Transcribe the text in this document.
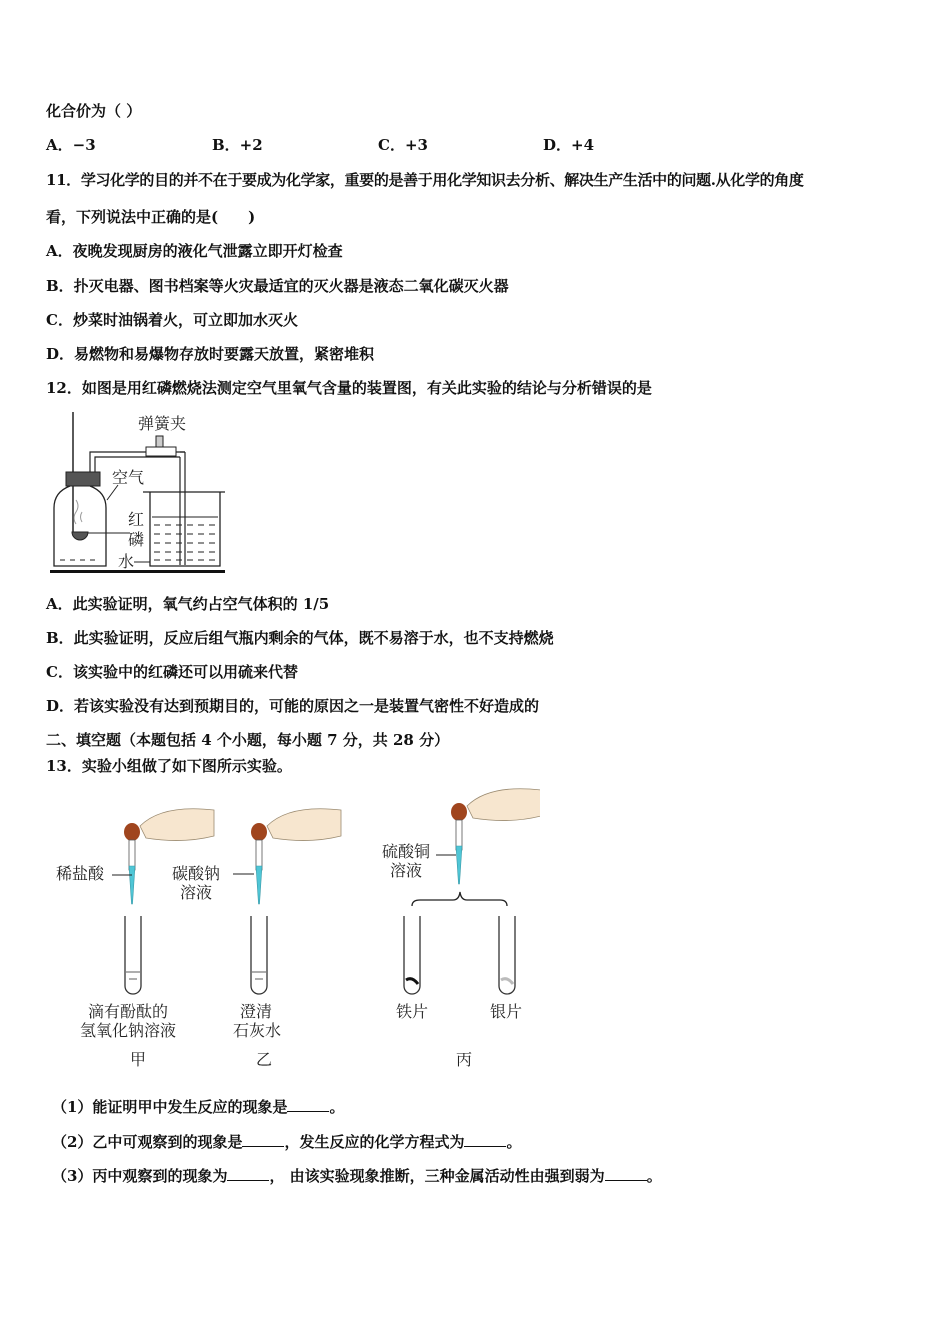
化合价为（ ）
A．−3	B．+2	C．+3	D．+4
11．学习化学的目的并不在于要成为化学家，重要的是善于用化学知识去分析、解决生产生活中的问题.从化学的角度
看，下列说法中正确的是(　　)
A．夜晚发现厨房的液化气泄露立即开灯检查
B．扑灭电器、图书档案等火灾最适宜的灭火器是液态二氧化碳灭火器
C．炒菜时油锅着火，可立即加水灭火
D．易燃物和易爆物存放时要露天放置，紧密堆积
12．如图是用红磷燃烧法测定空气里氧气含量的装置图，有关此实验的结论与分析错误的是
弹簧夹
空气
红
磷
水
A．此实验证明，氧气约占空气体积的 1/5
B．此实验证明，反应后组气瓶内剩余的气体，既不易溶于水，也不支持燃烧
C．该实验中的红磷还可以用硫来代替
D．若该实验没有达到预期目的，可能的原因之一是装置气密性不好造成的
二、填空题（本题包括 4 个小题，每小题 7 分，共 28 分）
13．实验小组做了如下图所示实验。
稀盐酸	碳酸钠
溶液
硫酸铜
溶液
滴有酚酞的
氢氧化钠溶液
澄清
石灰水
铁片	银片
甲	乙	丙
（1）能证明甲中发生反应的现象是	。
（2）乙中可观察到的现象是	，发生反应的化学方程式为	。
（3）丙中观察到的现象为	， 由该实验现象推断，三种金属活动性由强到弱为	。
